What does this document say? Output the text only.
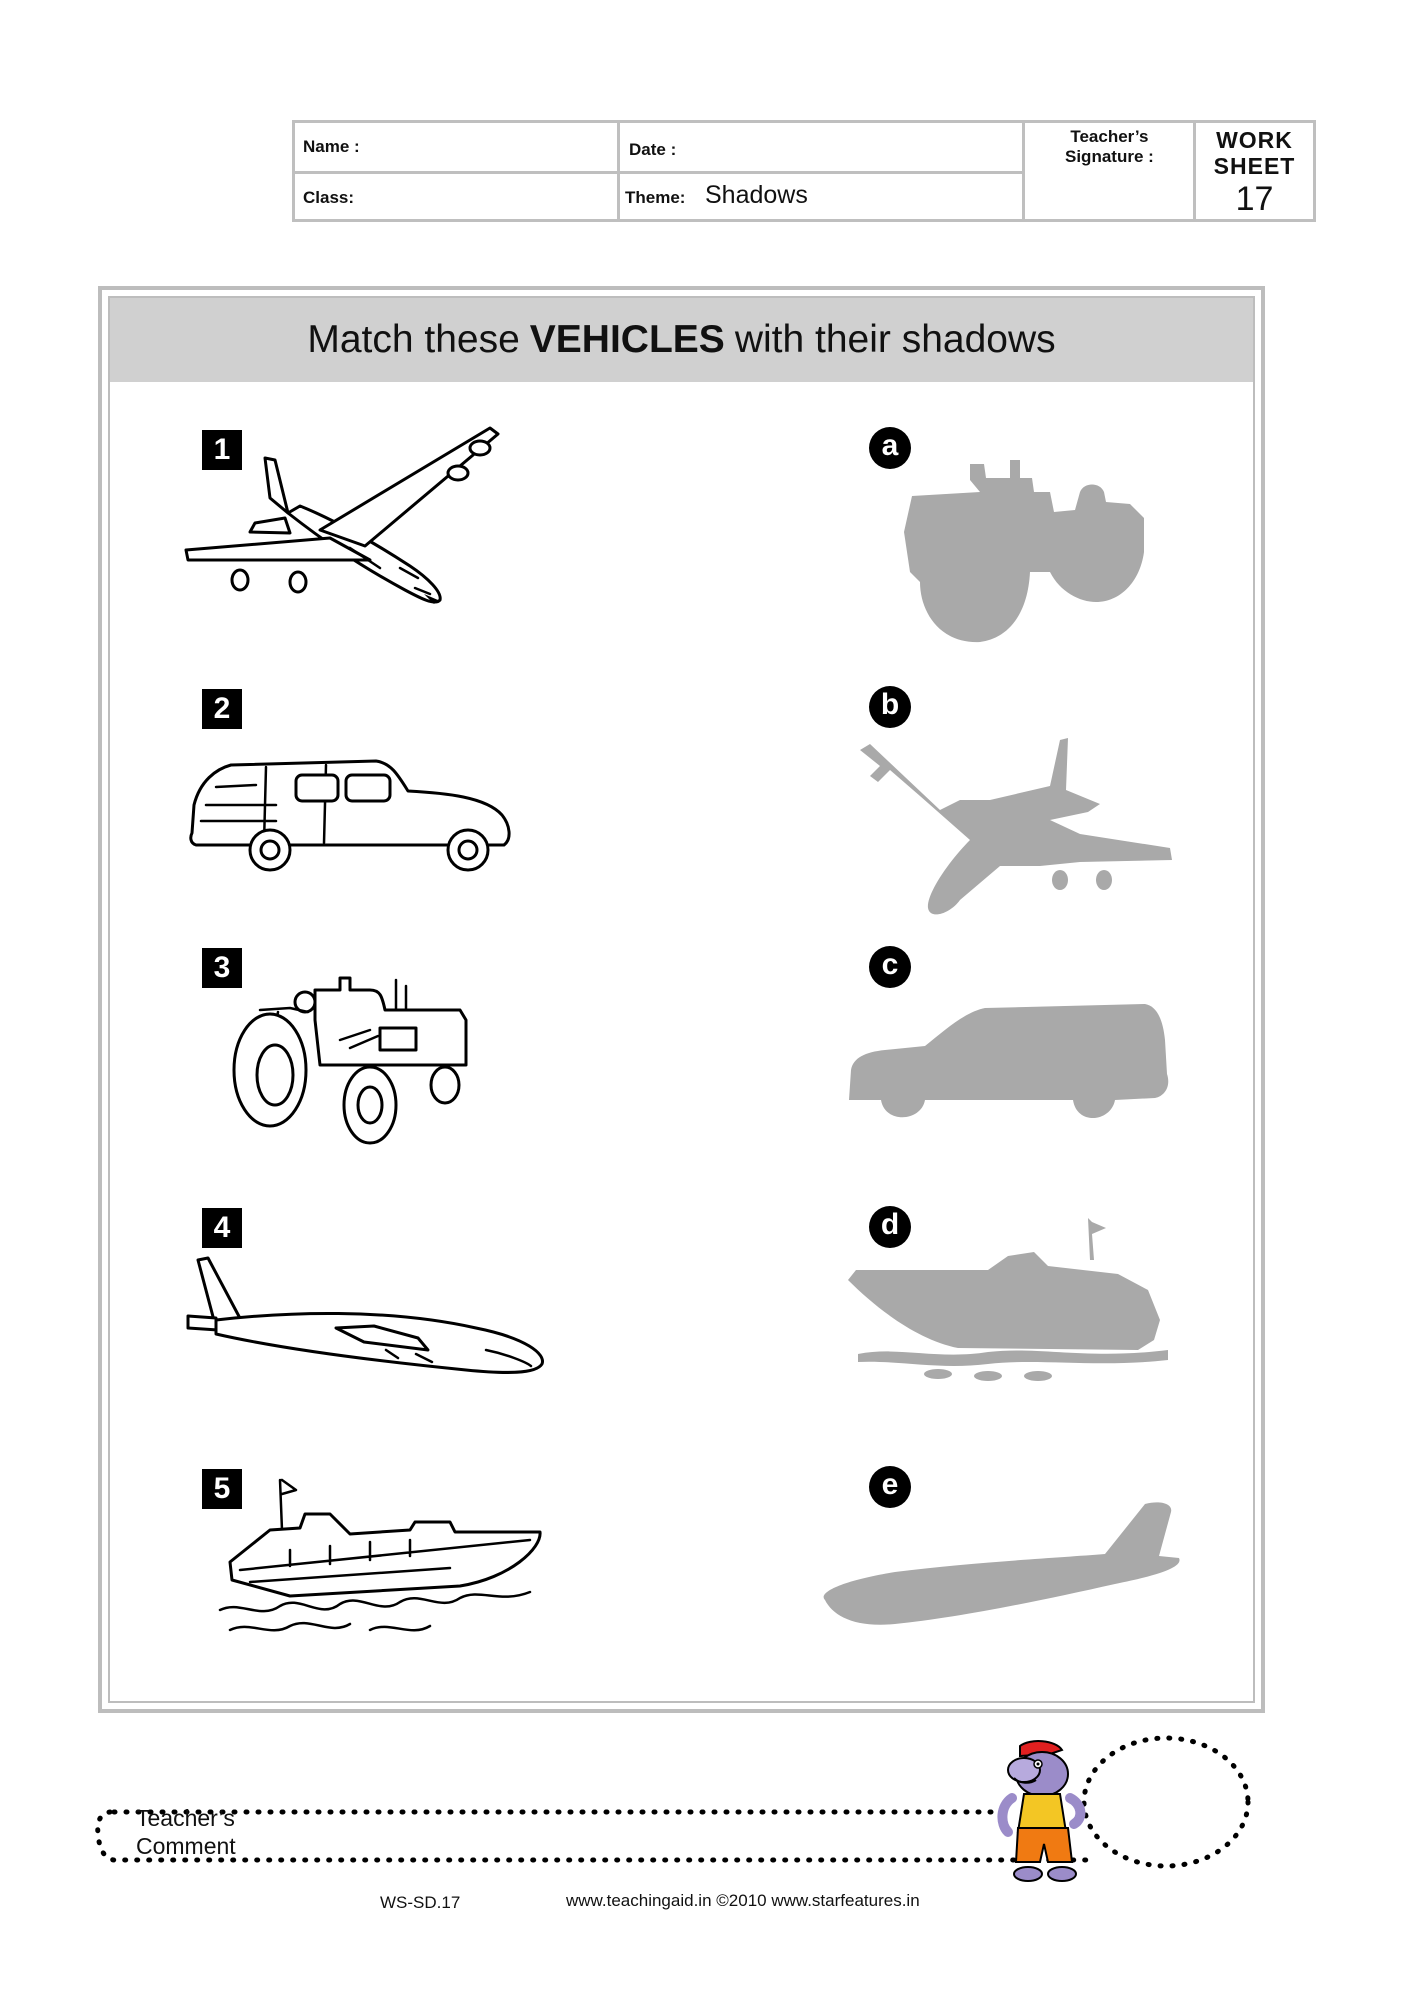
Name :	Date :
Teacher’s
Signature :
Class:	Theme: Shadows
WORK
SHEET
17
Match these VEHICLES with their shadows
1
2
3
4
5
a
b
c
d
e
Teacher’s
Comment
WS-SD.17	www.teachingaid.in ©2010 www.starfeatures.in
